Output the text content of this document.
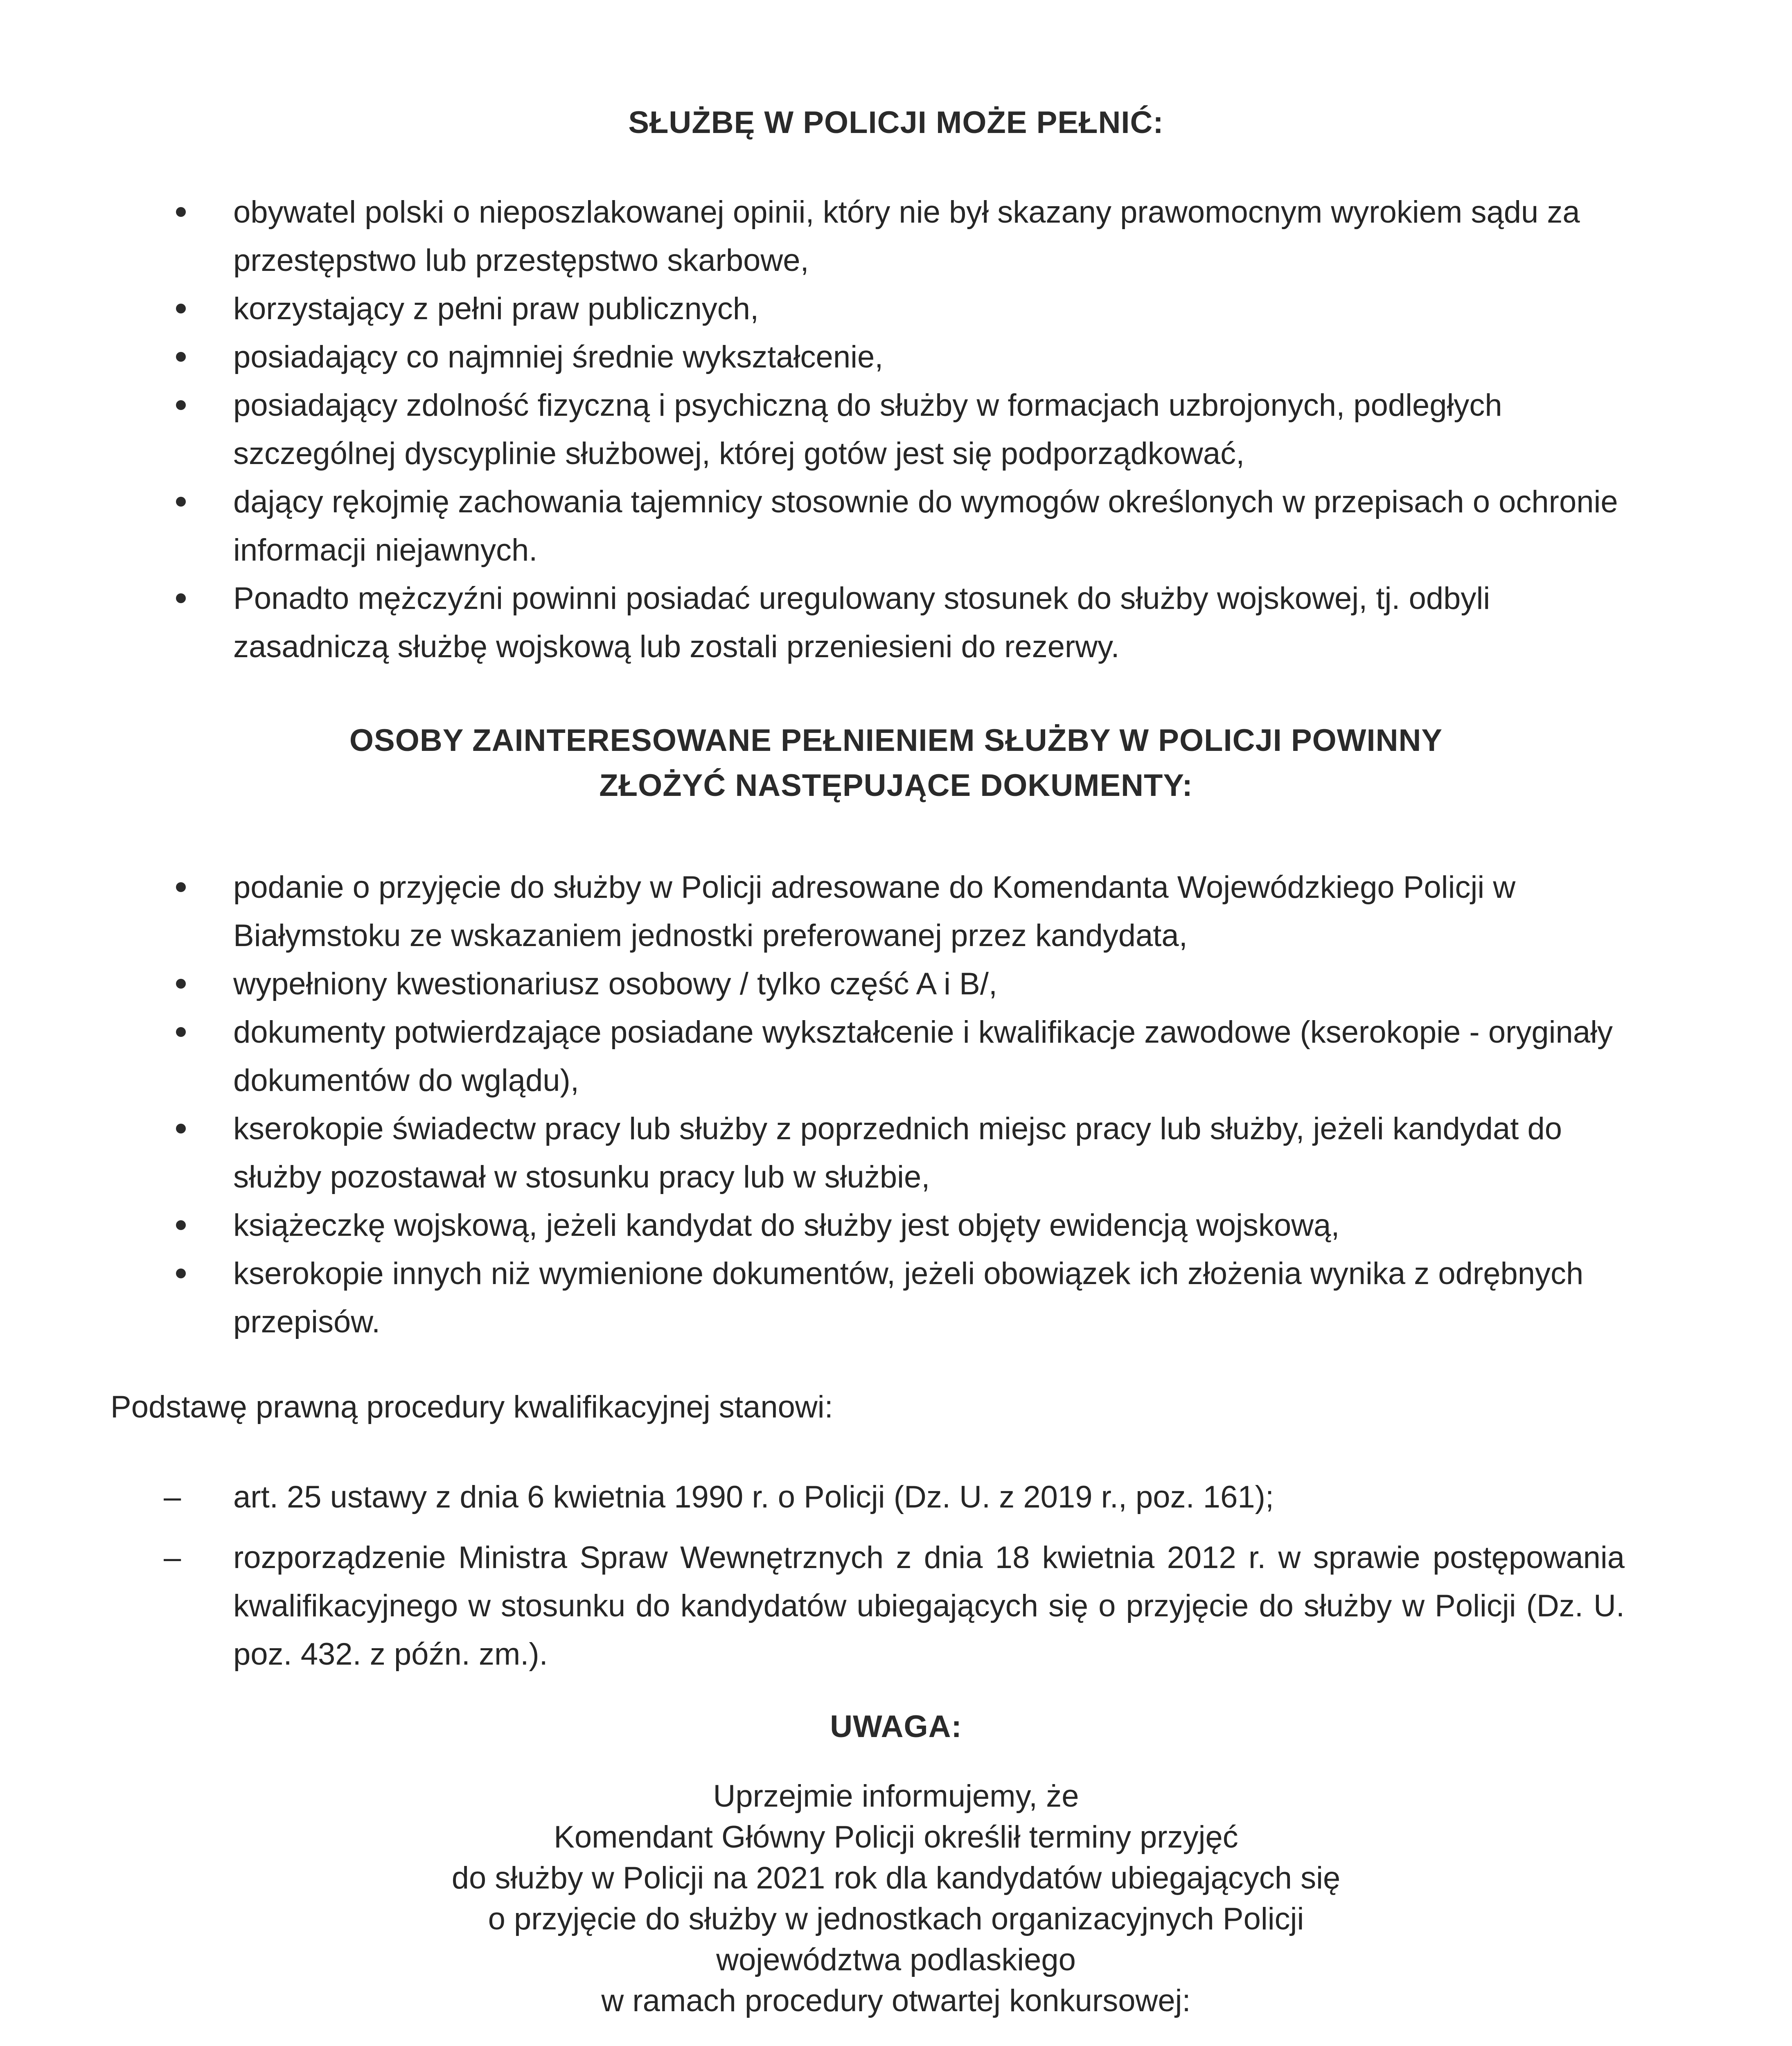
SŁUŻBĘ W POLICJI MOŻE PEŁNIĆ:
obywatel polski o nieposzlakowanej opinii, który nie był skazany prawomocnym wyrokiem sądu za przestępstwo lub przestępstwo skarbowe,
korzystający z pełni praw publicznych,
posiadający co najmniej średnie wykształcenie,
posiadający zdolność fizyczną i psychiczną do służby w formacjach uzbrojonych, podległych szczególnej dyscyplinie służbowej, której gotów jest się podporządkować,
dający rękojmię zachowania tajemnicy stosownie do wymogów określonych w przepisach o ochronie informacji niejawnych.
Ponadto mężczyźni powinni posiadać uregulowany stosunek do służby wojskowej, tj. odbyli zasadniczą służbę wojskową lub zostali przeniesieni do rezerwy.
OSOBY ZAINTERESOWANE PEŁNIENIEM SŁUŻBY W POLICJI POWINNY
ZŁOŻYĆ NASTĘPUJĄCE DOKUMENTY:
podanie o przyjęcie do służby w Policji adresowane do Komendanta Wojewódzkiego Policji w Białymstoku ze wskazaniem jednostki preferowanej przez kandydata,
wypełniony kwestionariusz osobowy / tylko część A i B/,
dokumenty potwierdzające posiadane wykształcenie i kwalifikacje zawodowe (kserokopie - oryginały dokumentów do wglądu),
kserokopie świadectw pracy lub służby z poprzednich miejsc pracy lub służby, jeżeli kandydat do służby pozostawał w stosunku pracy lub w służbie,
książeczkę wojskową, jeżeli kandydat do służby jest objęty ewidencją wojskową,
kserokopie innych niż wymienione dokumentów, jeżeli obowiązek ich złożenia wynika z odrębnych przepisów.
Podstawę prawną procedury kwalifikacyjnej stanowi:
– art. 25 ustawy z dnia 6 kwietnia 1990 r. o Policji (Dz. U. z 2019 r., poz. 161);
– rozporządzenie Ministra Spraw Wewnętrznych z dnia 18 kwietnia 2012 r. w sprawie postępowania kwalifikacyjnego w stosunku do kandydatów ubiegających się o przyjęcie do służby w Policji (Dz. U. poz. 432. z późn. zm.).
UWAGA:
Uprzejmie informujemy, że
Komendant Główny Policji określił terminy przyjęć
do służby w Policji na 2021 rok dla kandydatów ubiegających się
o przyjęcie do służby w jednostkach organizacyjnych Policji
województwa podlaskiego
w ramach procedury otwartej konkursowej:
